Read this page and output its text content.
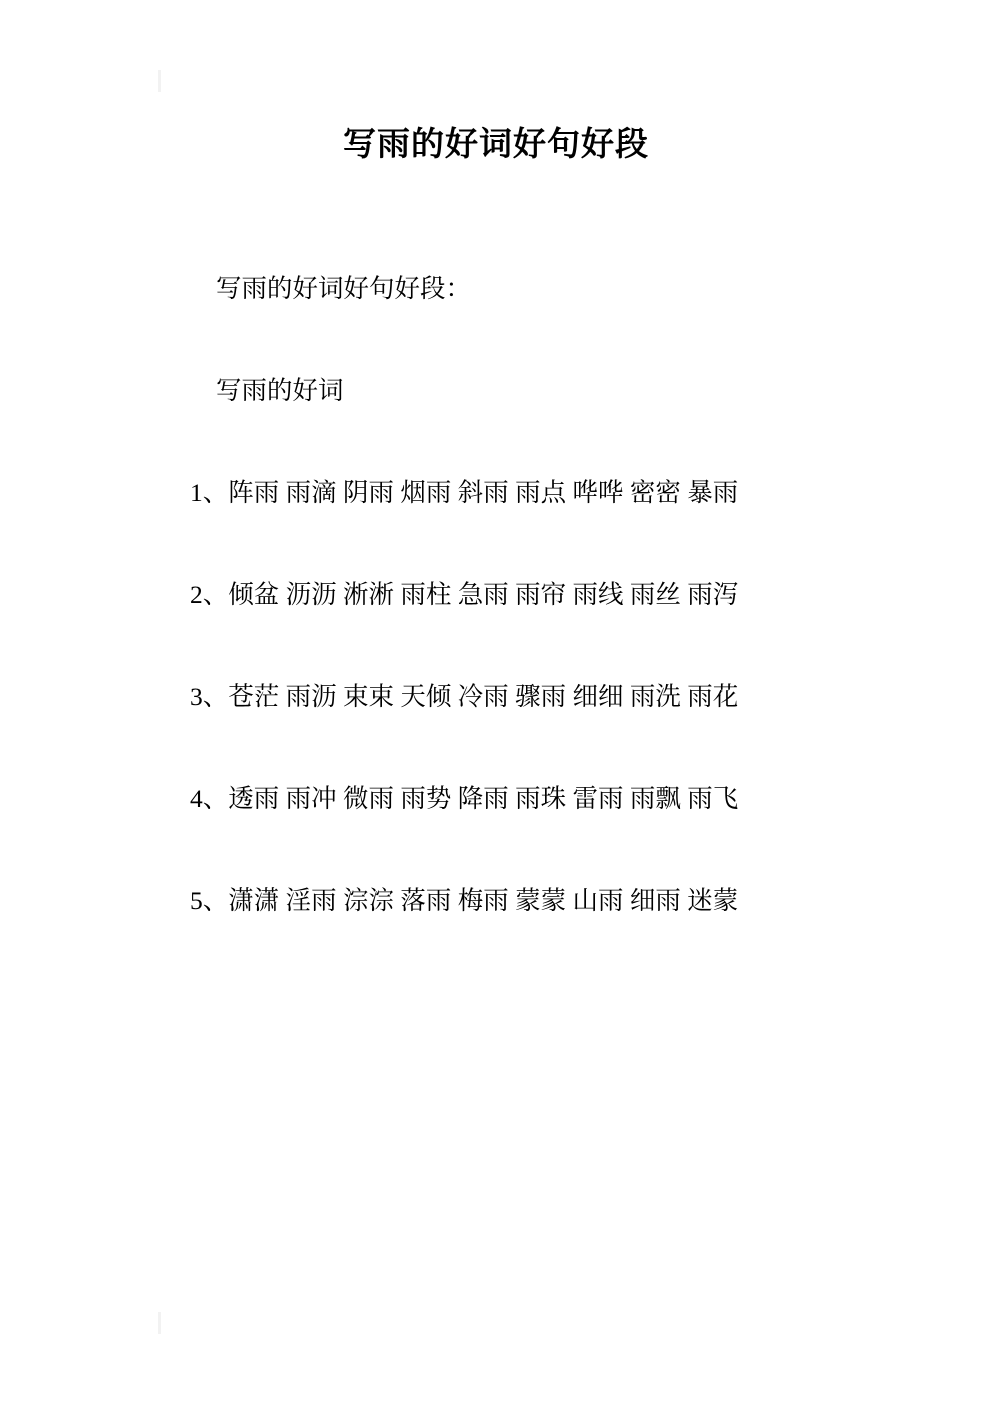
写雨的好词好句好段

写雨的好词好句好段：

写雨的好词

1、阵雨 雨滴 阴雨 烟雨 斜雨 雨点 哗哗 密密 暴雨

2、倾盆 沥沥 淅淅 雨柱 急雨 雨帘 雨线 雨丝 雨泻

3、苍茫 雨沥 束束 天倾 冷雨 骤雨 细细 雨洗 雨花

4、透雨 雨冲 微雨 雨势 降雨 雨珠 雷雨 雨飘 雨飞

5、潇潇 淫雨 淙淙 落雨 梅雨 蒙蒙 山雨 细雨 迷蒙
